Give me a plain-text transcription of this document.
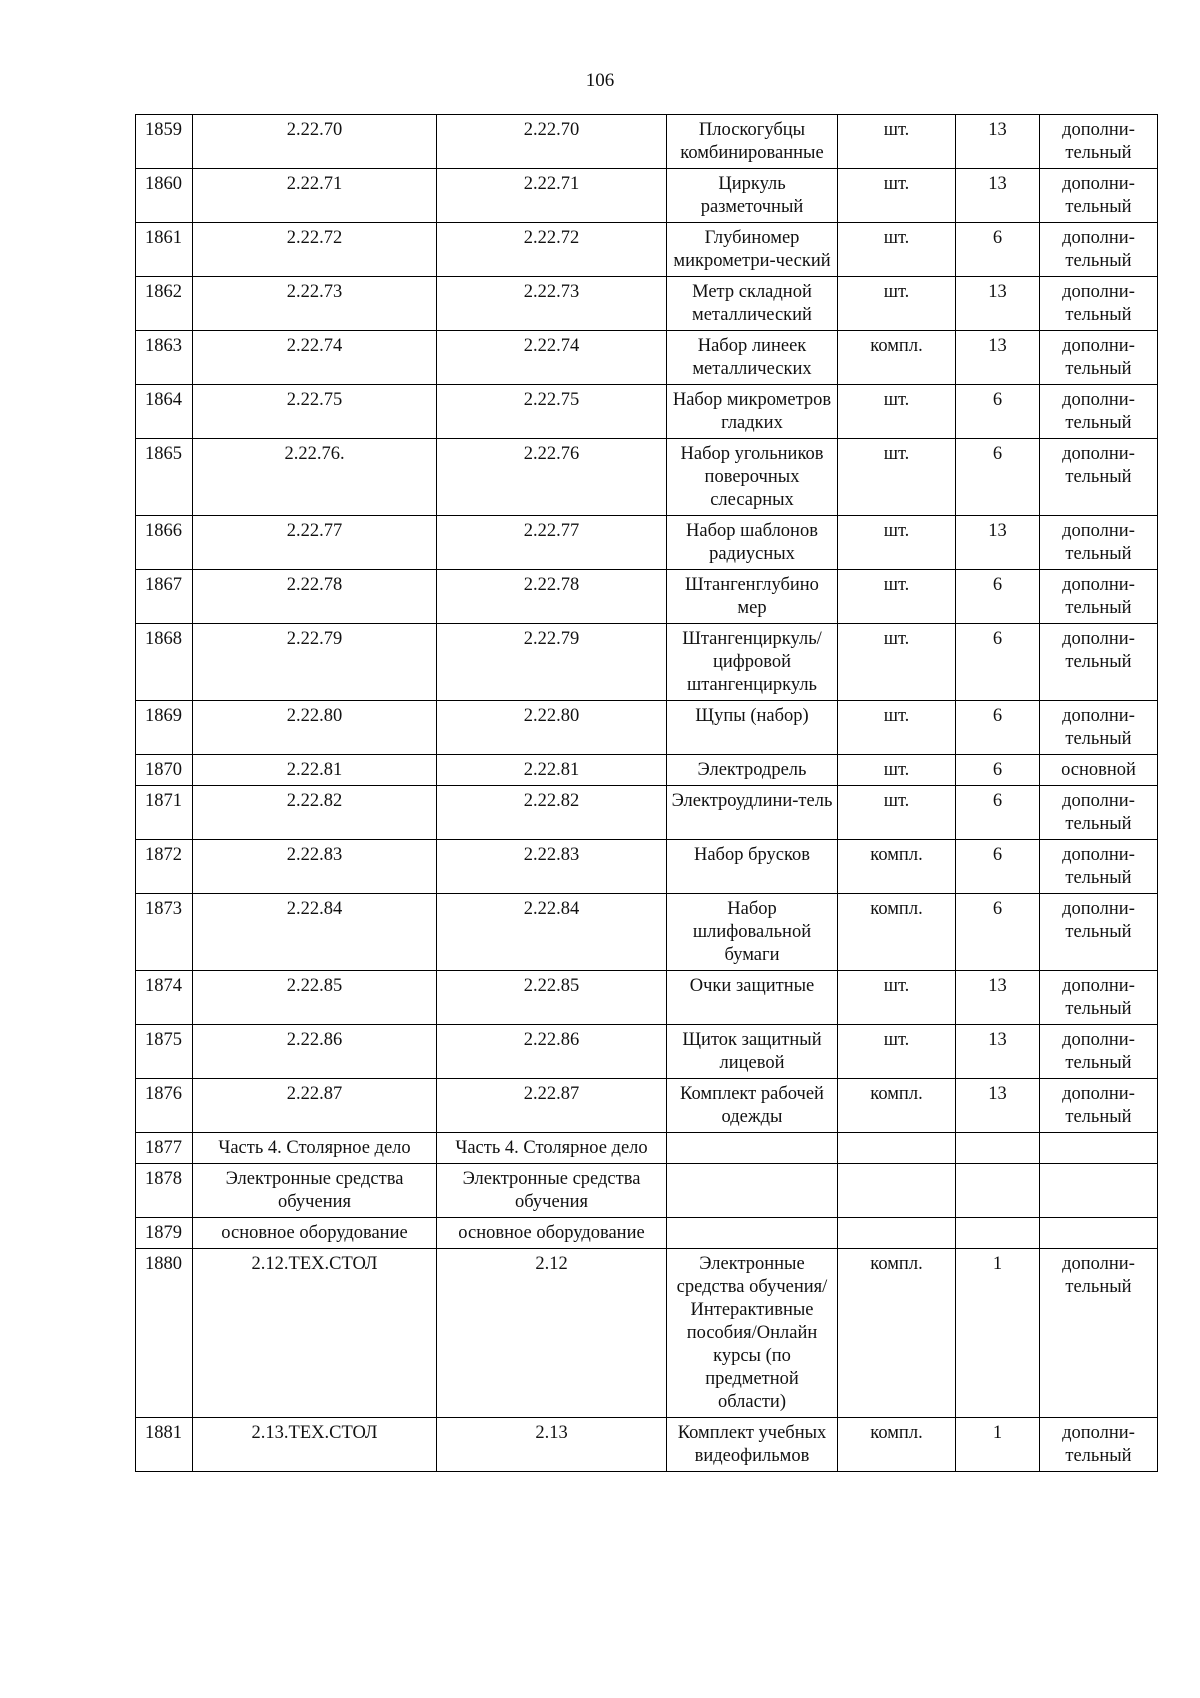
106
1859	2.22.70	2.22.70	Плоскогубцы комбинированные	шт.	13	дополни-тельный
1860	2.22.71	2.22.71	Циркуль разметочный	шт.	13	дополни-тельный
1861	2.22.72	2.22.72	Глубиномер микрометри-ческий	шт.	6	дополни-тельный
1862	2.22.73	2.22.73	Метр складной металлический	шт.	13	дополни-тельный
1863	2.22.74	2.22.74	Набор линеек металлических	компл.	13	дополни-тельный
1864	2.22.75	2.22.75	Набор микрометров гладких	шт.	6	дополни-тельный
1865	2.22.76.	2.22.76	Набор угольников поверочных слесарных	шт.	6	дополни-тельный
1866	2.22.77	2.22.77	Набор шаблонов радиусных	шт.	13	дополни-тельный
1867	2.22.78	2.22.78	Штангенглубино мер	шт.	6	дополни-тельный
1868	2.22.79	2.22.79	Штангенциркуль/ цифровой штангенциркуль	шт.	6	дополни-тельный
1869	2.22.80	2.22.80	Щупы (набор)	шт.	6	дополни-тельный
1870	2.22.81	2.22.81	Электродрель	шт.	6	основной
1871	2.22.82	2.22.82	Электроудлини-тель	шт.	6	дополни-тельный
1872	2.22.83	2.22.83	Набор брусков	компл.	6	дополни-тельный
1873	2.22.84	2.22.84	Набор шлифовальной бумаги	компл.	6	дополни-тельный
1874	2.22.85	2.22.85	Очки защитные	шт.	13	дополни-тельный
1875	2.22.86	2.22.86	Щиток защитный лицевой	шт.	13	дополни-тельный
1876	2.22.87	2.22.87	Комплект рабочей одежды	компл.	13	дополни-тельный
1877	Часть 4. Столярное дело	Часть 4. Столярное дело				
1878	Электронные средства обучения	Электронные средства обучения				
1879	основное оборудование	основное оборудование				
1880	2.12.ТЕХ.СТОЛ	2.12	Электронные средства обучения/ Интерактивные пособия/Онлайн курсы (по предметной области)	компл.	1	дополни-тельный
1881	2.13.ТЕХ.СТОЛ	2.13	Комплект учебных видеофильмов	компл.	1	дополни-тельный
